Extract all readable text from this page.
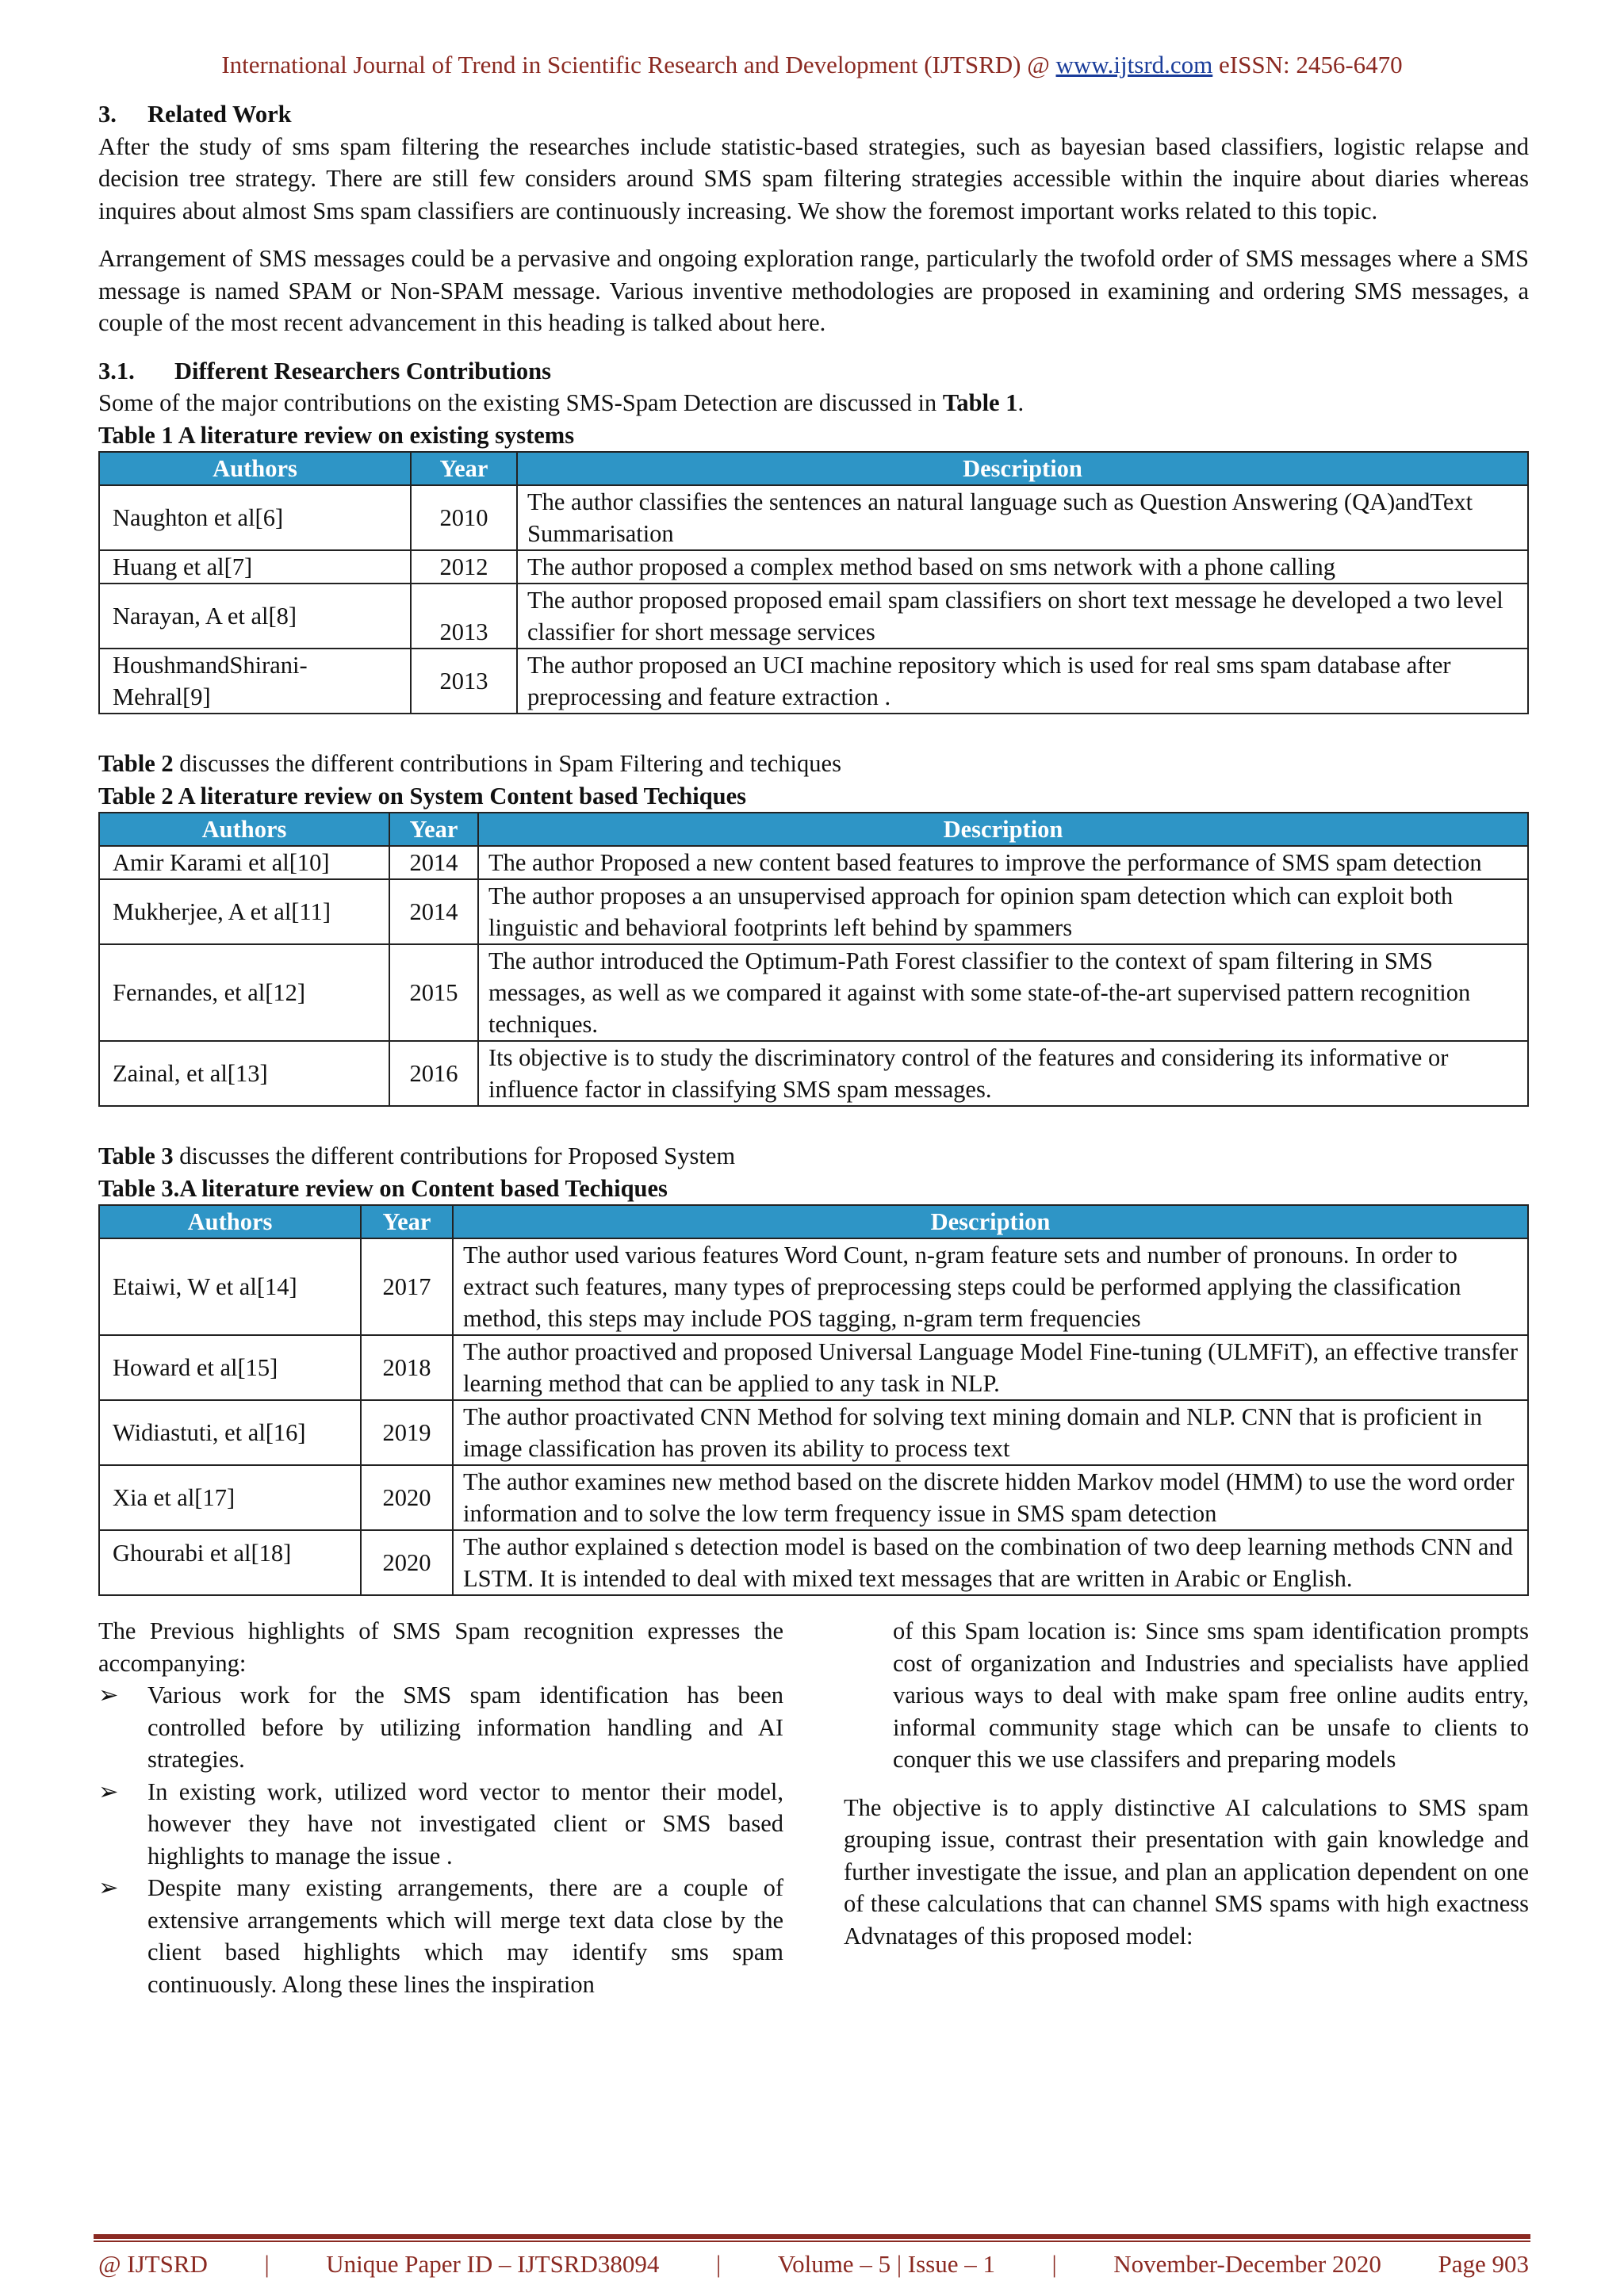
International Journal of Trend in Scientific Research and Development (IJTSRD) @ www.ijtsrd.com eISSN: 2456-6470

3. Related Work

After the study of sms spam filtering the researches include statistic-based strategies, such as bayesian based classifiers, logistic relapse and decision tree strategy. There are still few considers around SMS spam filtering strategies accessible within the inquire about diaries whereas inquires about almost Sms spam classifiers are continuously increasing. We show the foremost important works related to this topic.

Arrangement of SMS messages could be a pervasive and ongoing exploration range, particularly the twofold order of SMS messages where a SMS message is named SPAM or Non-SPAM message. Various inventive methodologies are proposed in examining and ordering SMS messages, a couple of the most recent advancement in this heading is talked about here.

3.1. Different Researchers Contributions

Some of the major contributions on the existing SMS-Spam Detection are discussed in Table 1.

Table 1 A literature review on existing systems

Authors	Year	Description
Naughton et al[6]	2010	The author classifies the sentences an natural language such as Question Answering (QA)andText Summarisation
Huang et al[7]	2012	The author proposed a complex method based on sms network with a phone calling
Narayan, A et al[8]	2013	The author proposed proposed email spam classifiers on short text message he developed a two level classifier for short message services
HoushmandShirani-Mehral[9]	2013	The author proposed an UCI machine repository which is used for real sms spam database after preprocessing and feature extraction .

Table 2 discusses the different contributions in Spam Filtering and techiques

Table 2 A literature review on System Content based Techiques

Authors	Year	Description
Amir Karami et al[10]	2014	The author Proposed a new content based features to improve the performance of SMS spam detection
Mukherjee, A et al[11]	2014	The author proposes a an unsupervised approach for opinion spam detection which can exploit both linguistic and behavioral footprints left behind by spammers
Fernandes, et al[12]	2015	The author introduced the Optimum-Path Forest classifier to the context of spam filtering in SMS messages, as well as we compared it against with some state-of-the-art supervised pattern recognition techniques.
Zainal, et al[13]	2016	Its objective is to study the discriminatory control of the features and considering its informative or influence factor in classifying SMS spam messages.

Table 3 discusses the different contributions for Proposed System

Table 3.A literature review on Content based Techiques

Authors	Year	Description
Etaiwi, W et al[14]	2017	The author used various features Word Count, n-gram feature sets and number of pronouns. In order to extract such features, many types of preprocessing steps could be performed applying the classification method, this steps may include POS tagging, n-gram term frequencies
Howard et al[15]	2018	The author proactived and proposed Universal Language Model Fine-tuning (ULMFiT), an effective transfer learning method that can be applied to any task in NLP.
Widiastuti, et al[16]	2019	The author proactivated CNN Method for solving text mining domain and NLP. CNN that is proficient in image classification has proven its ability to process text
Xia et al[17]	2020	The author examines new method based on the discrete hidden Markov model (HMM) to use the word order information and to solve the low term frequency issue in SMS spam detection
Ghourabi et al[18]	2020	The author explained s detection model is based on the combination of two deep learning methods CNN and LSTM. It is intended to deal with mixed text messages that are written in Arabic or English.

The Previous highlights of SMS Spam recognition expresses the accompanying:

➢	Various work for the SMS spam identification has been controlled before by utilizing information handling and AI strategies.
➢	In existing work, utilized word vector to mentor their model, however they have not investigated client or SMS based highlights to manage the issue .
➢	Despite many existing arrangements, there are a couple of extensive arrangements which will merge text data close by the client based highlights which may identify sms spam continuously. Along these lines the inspiration

of this Spam location is: Since sms spam identification prompts cost of organization and Industries and specialists have applied various ways to deal with make spam free online audits entry, informal community stage which can be unsafe to clients to conquer this we use classifers and preparing models

The objective is to apply distinctive AI calculations to SMS spam grouping issue, contrast their presentation with gain knowledge and further investigate the issue, and plan an application dependent on one of these calculations that can channel SMS spams with high exactness Advnatages of this proposed model:

@ IJTSRD | Unique Paper ID – IJTSRD38094 | Volume – 5 | Issue – 1 | November-December 2020 Page 903
